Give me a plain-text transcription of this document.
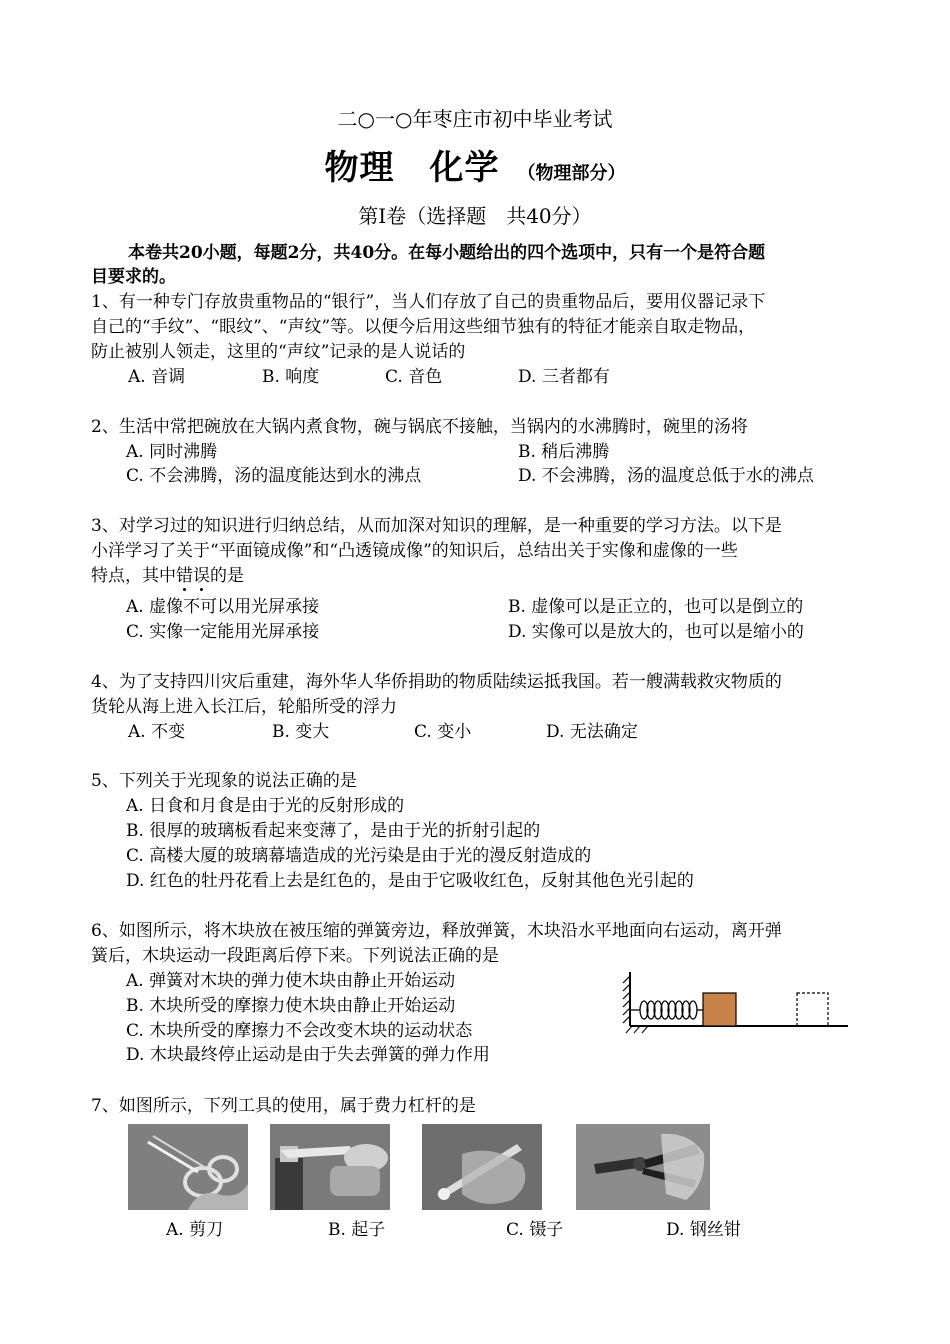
二○一○年枣庄市初中毕业考试
物理　化学 （物理部分）
第Ⅰ卷（选择题　共40分）
本卷共20小题，每题2分，共40分。在每小题给出的四个选项中，只有一个是符合题
目要求的。
1、有一种专门存放贵重物品的“银行”，当人们存放了自己的贵重物品后，要用仪器记录下
自己的“手纹”、“眼纹”、“声纹”等。以便今后用这些细节独有的特征才能亲自取走物品，
防止被别人领走，这里的“声纹”记录的是人说话的
A. 音调	B. 响度	C. 音色	D. 三者都有
2、生活中常把碗放在大锅内煮食物，碗与锅底不接触，当锅内的水沸腾时，碗里的汤将
A. 同时沸腾	B. 稍后沸腾
C. 不会沸腾，汤的温度能达到水的沸点	D. 不会沸腾，汤的温度总低于水的沸点
3、对学习过的知识进行归纳总结，从而加深对知识的理解，是一种重要的学习方法。以下是
小洋学习了关于“平面镜成像”和“凸透镜成像”的知识后，总结出关于实像和虚像的一些
特点，其中错误的是
A. 虚像不可以用光屏承接	B. 虚像可以是正立的，也可以是倒立的
C. 实像一定能用光屏承接	D. 实像可以是放大的，也可以是缩小的
4、为了支持四川灾后重建，海外华人华侨捐助的物质陆续运抵我国。若一艘满载救灾物质的
货轮从海上进入长江后，轮船所受的浮力
A. 不变	B. 变大	C. 变小	D. 无法确定
5、下列关于光现象的说法正确的是
A. 日食和月食是由于光的反射形成的
B. 很厚的玻璃板看起来变薄了，是由于光的折射引起的
C. 高楼大厦的玻璃幕墙造成的光污染是由于光的漫反射造成的
D. 红色的牡丹花看上去是红色的，是由于它吸收红色，反射其他色光引起的
6、如图所示，将木块放在被压缩的弹簧旁边，释放弹簧，木块沿水平地面向右运动，离开弹
簧后，木块运动一段距离后停下来。下列说法正确的是
A. 弹簧对木块的弹力使木块由静止开始运动
B. 木块所受的摩擦力使木块由静止开始运动
C. 木块所受的摩擦力不会改变木块的运动状态
D. 木块最终停止运动是由于失去弹簧的弹力作用
7、如图所示，下列工具的使用，属于费力杠杆的是
A. 剪刀	B. 起子	C. 镊子	D. 钢丝钳
